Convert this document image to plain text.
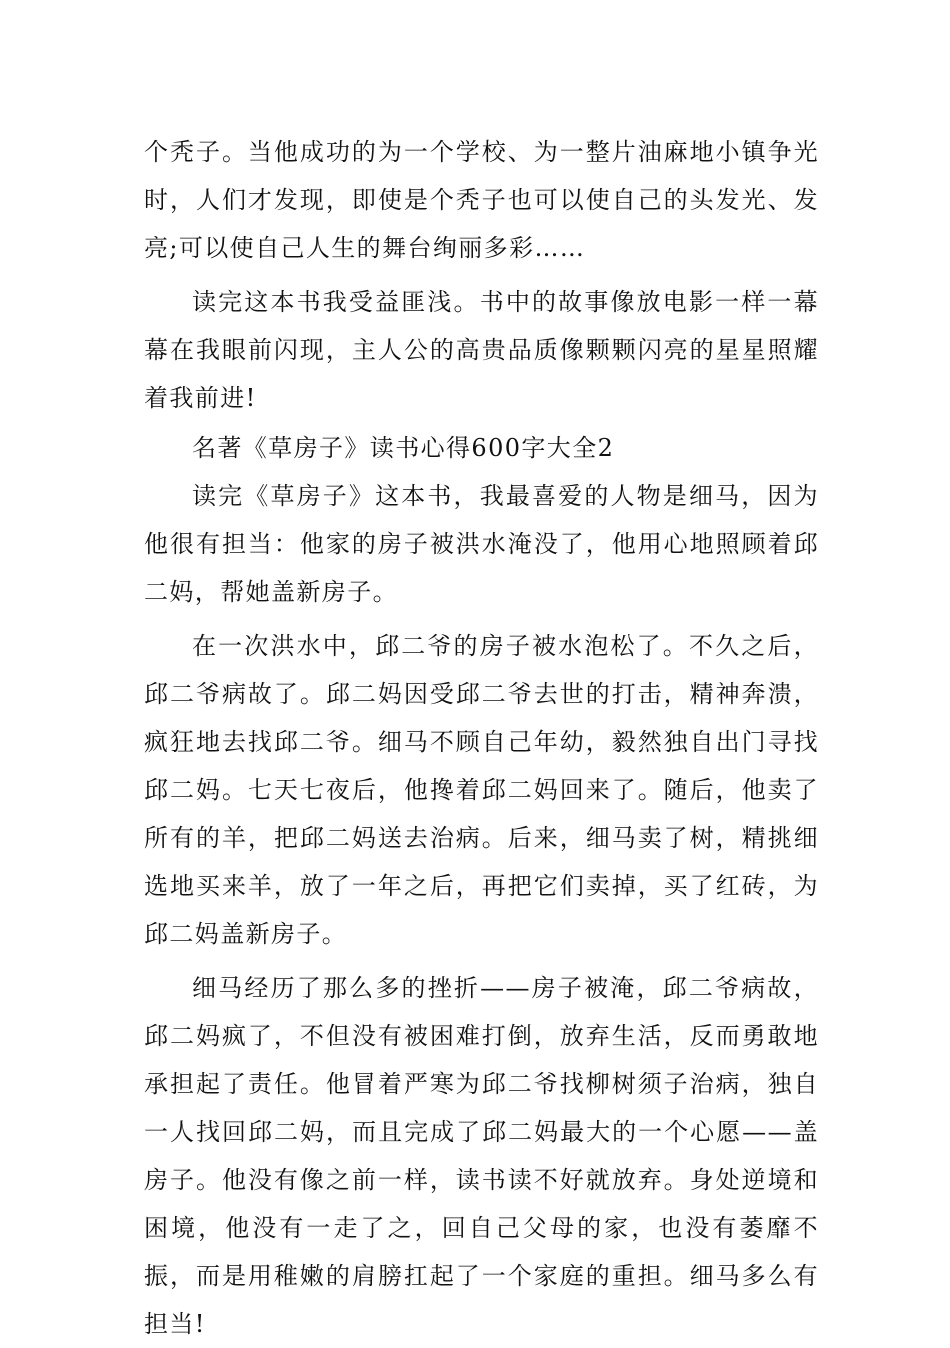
个秃子。当他成功的为一个学校、为一整片油麻地小镇争光时，人们才发现，即使是个秃子也可以使自己的头发光、发亮;可以使自己人生的舞台绚丽多彩……

读完这本书我受益匪浅。书中的故事像放电影一样一幕幕在我眼前闪现，主人公的高贵品质像颗颗闪亮的星星照耀着我前进!

名著《草房子》读书心得600字大全2

读完《草房子》这本书，我最喜爱的人物是细马，因为他很有担当：他家的房子被洪水淹没了，他用心地照顾着邱二妈，帮她盖新房子。

在一次洪水中，邱二爷的房子被水泡松了。不久之后，邱二爷病故了。邱二妈因受邱二爷去世的打击，精神奔溃，疯狂地去找邱二爷。细马不顾自己年幼，毅然独自出门寻找邱二妈。七天七夜后，他搀着邱二妈回来了。随后，他卖了所有的羊，把邱二妈送去治病。后来，细马卖了树，精挑细选地买来羊，放了一年之后，再把它们卖掉，买了红砖，为邱二妈盖新房子。

细马经历了那么多的挫折——房子被淹，邱二爷病故，邱二妈疯了，不但没有被困难打倒，放弃生活，反而勇敢地承担起了责任。他冒着严寒为邱二爷找柳树须子治病，独自一人找回邱二妈，而且完成了邱二妈最大的一个心愿——盖房子。他没有像之前一样，读书读不好就放弃。身处逆境和困境，他没有一走了之，回自己父母的家，也没有萎靡不振，而是用稚嫩的肩膀扛起了一个家庭的重担。细马多么有担当!
